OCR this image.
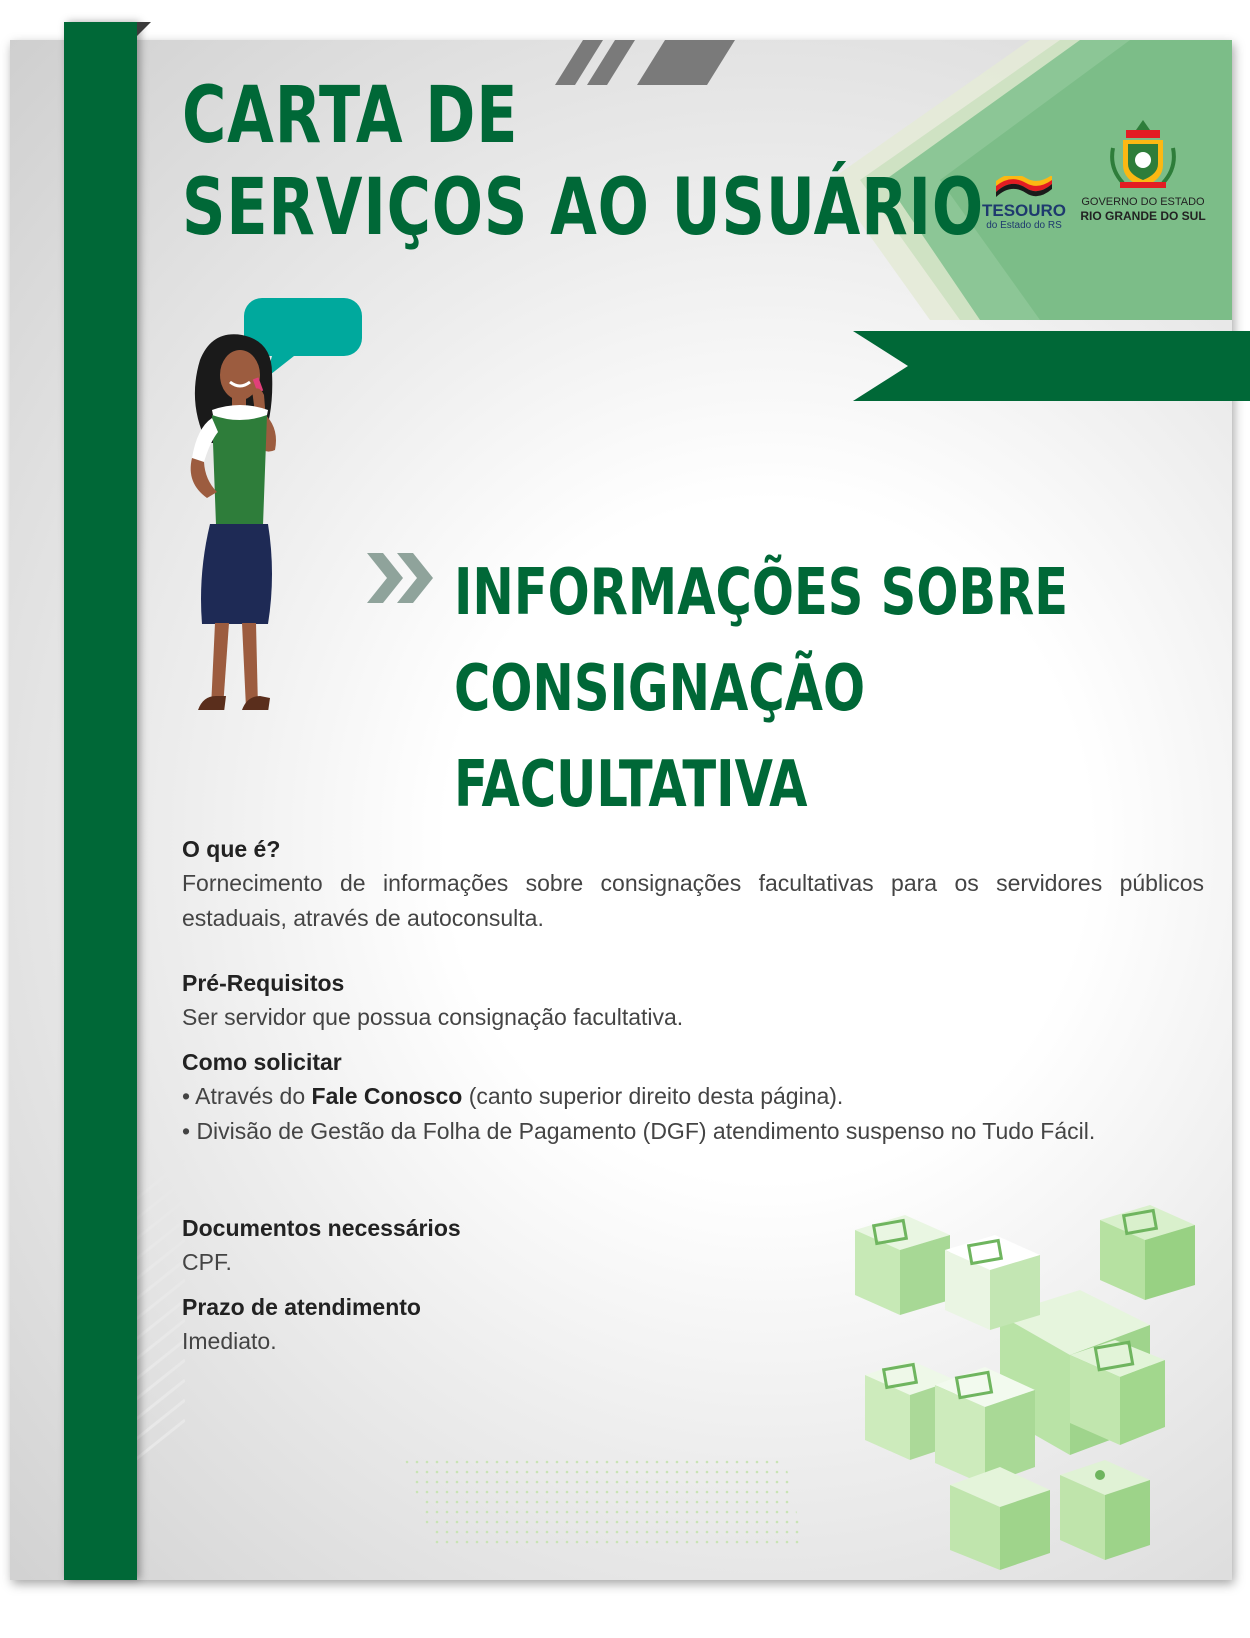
CARTA DE
SERVIÇOS AO USUÁRIO
TESOURO
do Estado do RS
GOVERNO DO ESTADO
RIO GRANDE DO SUL
INFORMAÇÕES SOBRE
CONSIGNAÇÃO FACULTATIVA
O que é?

Fornecimento de informações sobre consignações facultativas para os servidores públicos estaduais, através de autoconsulta.

Pré-Requisitos

Ser servidor que possua consignação facultativa.

Como solicitar

• Através do Fale Conosco (canto superior direito desta página).

• Divisão de Gestão da Folha de Pagamento (DGF) atendimento suspenso no Tudo Fácil.

Documentos necessários

CPF.

Prazo de atendimento

Imediato.
